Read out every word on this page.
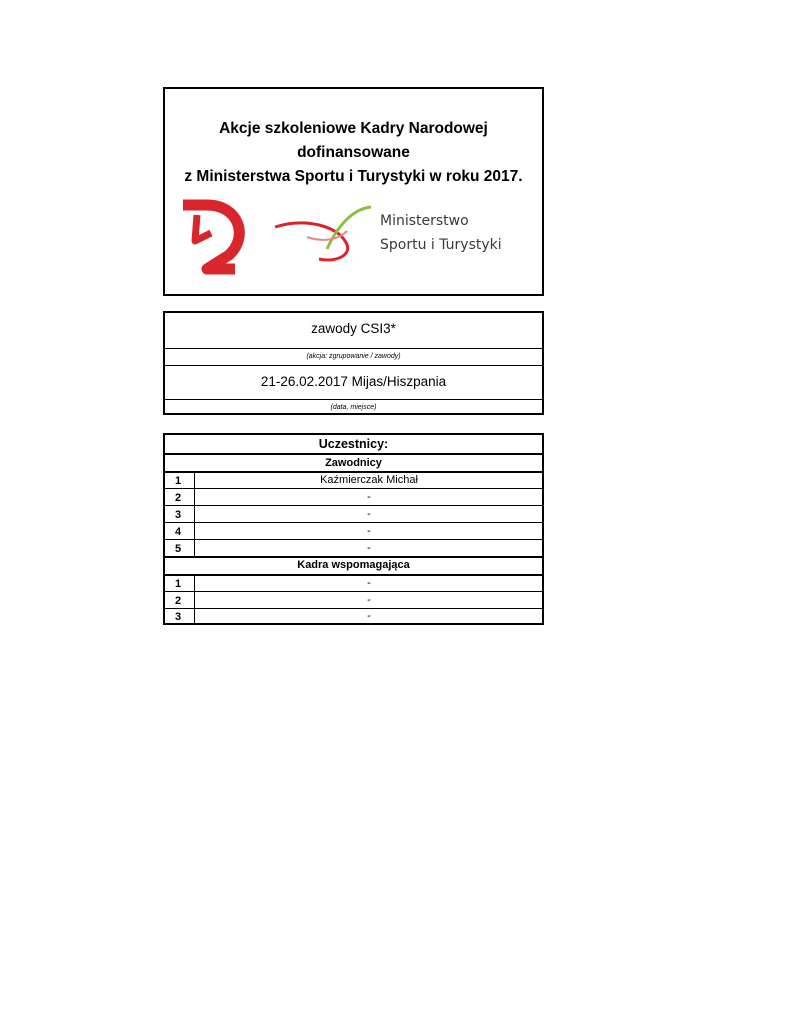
Akcje szkoleniowe Kadry Narodowej dofinansowane
z Ministerstwa Sportu i Turystyki w roku 2017.
PZJ
Ministerstwo
Sportu i Turystyki
zawody CSI3*
(akcja: zgrupowanie / zawody)
21-26.02.2017 Mijas/Hiszpania
(data, miejsce)
Uczestnicy:
Zawodnicy
1	Kaźmierczak Michał
2	-
3	-
4	-
5	-
Kadra wspomagająca
1	-
2	-
3	-
